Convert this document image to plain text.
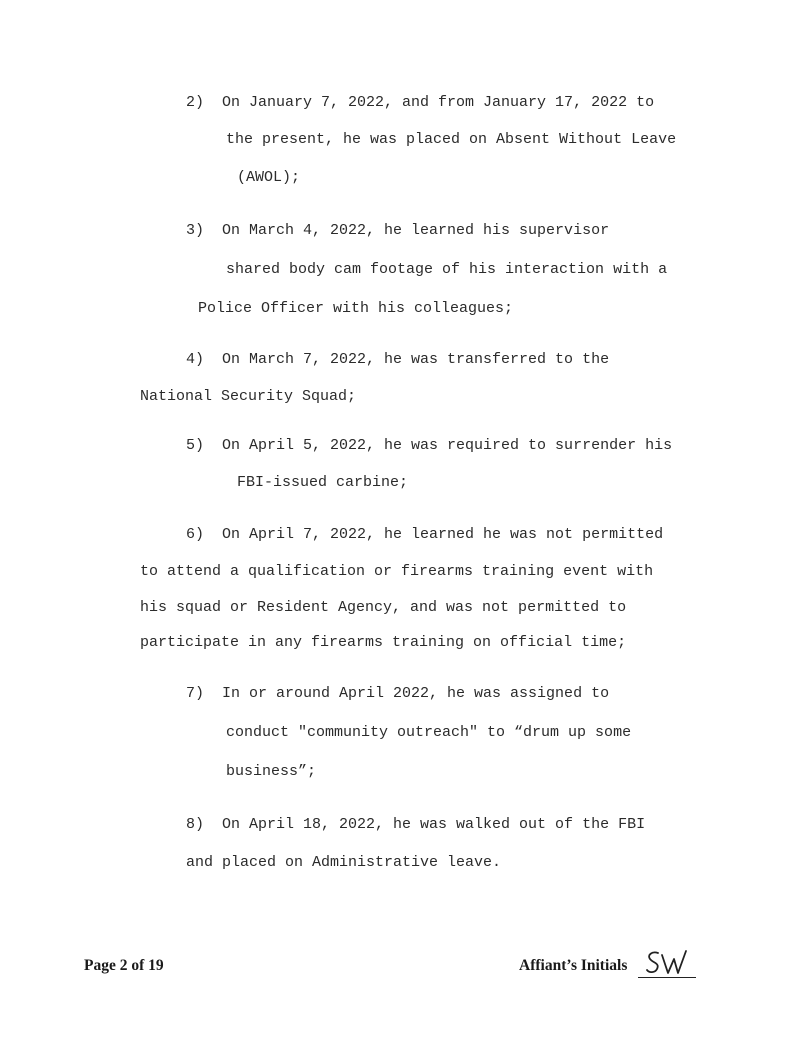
2)  On January 7, 2022, and from January 17, 2022 to
the present, he was placed on Absent Without Leave
(AWOL);
3)  On March 4, 2022, he learned his supervisor
shared body cam footage of his interaction with a
Police Officer with his colleagues;
4)  On March 7, 2022, he was transferred to the
National Security Squad;
5)  On April 5, 2022, he was required to surrender his
FBI-issued carbine;
6)  On April 7, 2022, he learned he was not permitted
to attend a qualification or firearms training event with
his squad or Resident Agency, and was not permitted to
participate in any firearms training on official time;
7)  In or around April 2022, he was assigned to
conduct "community outreach" to “drum up some
business”;
8)  On April 18, 2022, he was walked out of the FBI
and placed on Administrative leave.
Page 2 of 19	Affiant’s Initials
